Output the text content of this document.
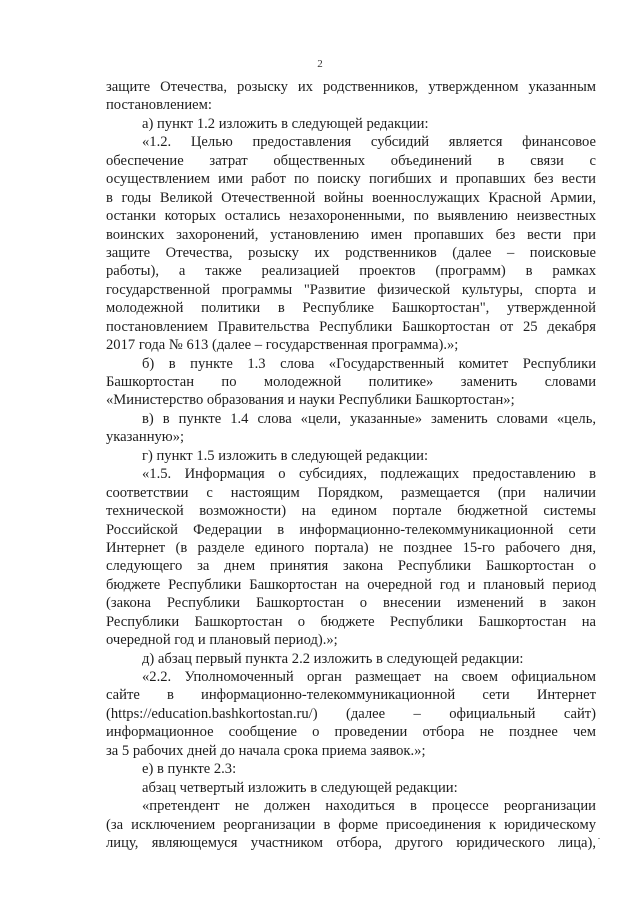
2
защите Отечества, розыску их родственников, утвержденном указанным
постановлением:
а) пункт 1.2 изложить в следующей редакции:
«1.2. Целью предоставления субсидий является финансовое
обеспечение затрат общественных объединений в связи с
осуществлением ими работ по поиску погибших и пропавших без вести
в годы Великой Отечественной войны военнослужащих Красной Армии,
останки которых остались незахороненными, по выявлению неизвестных
воинских захоронений, установлению имен пропавших без вести при
защите Отечества, розыску их родственников (далее – поисковые
работы), а также реализацией проектов (программ) в рамках
государственной программы "Развитие физической культуры, спорта и
молодежной политики в Республике Башкортостан", утвержденной
постановлением Правительства Республики Башкортостан от 25 декабря
2017 года № 613 (далее – государственная программа).»;
б) в пункте 1.3 слова «Государственный комитет Республики
Башкортостан по молодежной политике» заменить словами
«Министерство образования и науки Республики Башкортостан»;
в) в пункте 1.4 слова «цели, указанные» заменить словами «цель,
указанную»;
г) пункт 1.5 изложить в следующей редакции:
«1.5. Информация о субсидиях, подлежащих предоставлению в
соответствии с настоящим Порядком, размещается (при наличии
технической возможности) на едином портале бюджетной системы
Российской Федерации в информационно-телекоммуникационной сети
Интернет (в разделе единого портала) не позднее 15-го рабочего дня,
следующего за днем принятия закона Республики Башкортостан о
бюджете Республики Башкортостан на очередной год и плановый период
(закона Республики Башкортостан о внесении изменений в закон
Республики Башкортостан о бюджете Республики Башкортостан на
очередной год и плановый период).»;
д) абзац первый пункта 2.2 изложить в следующей редакции:
«2.2. Уполномоченный орган размещает на своем официальном
сайте в информационно-телекоммуникационной сети Интернет
(https://education.bashkortostan.ru/) (далее – официальный сайт)
информационное сообщение о проведении отбора не позднее чем
за 5 рабочих дней до начала срока приема заявок.»;
е) в пункте 2.3:
абзац четвертый изложить в следующей редакции:
«претендент не должен находиться в процессе реорганизации
(за исключением реорганизации в форме присоединения к юридическому
лицу, являющемуся участником отбора, другого юридического лица),
